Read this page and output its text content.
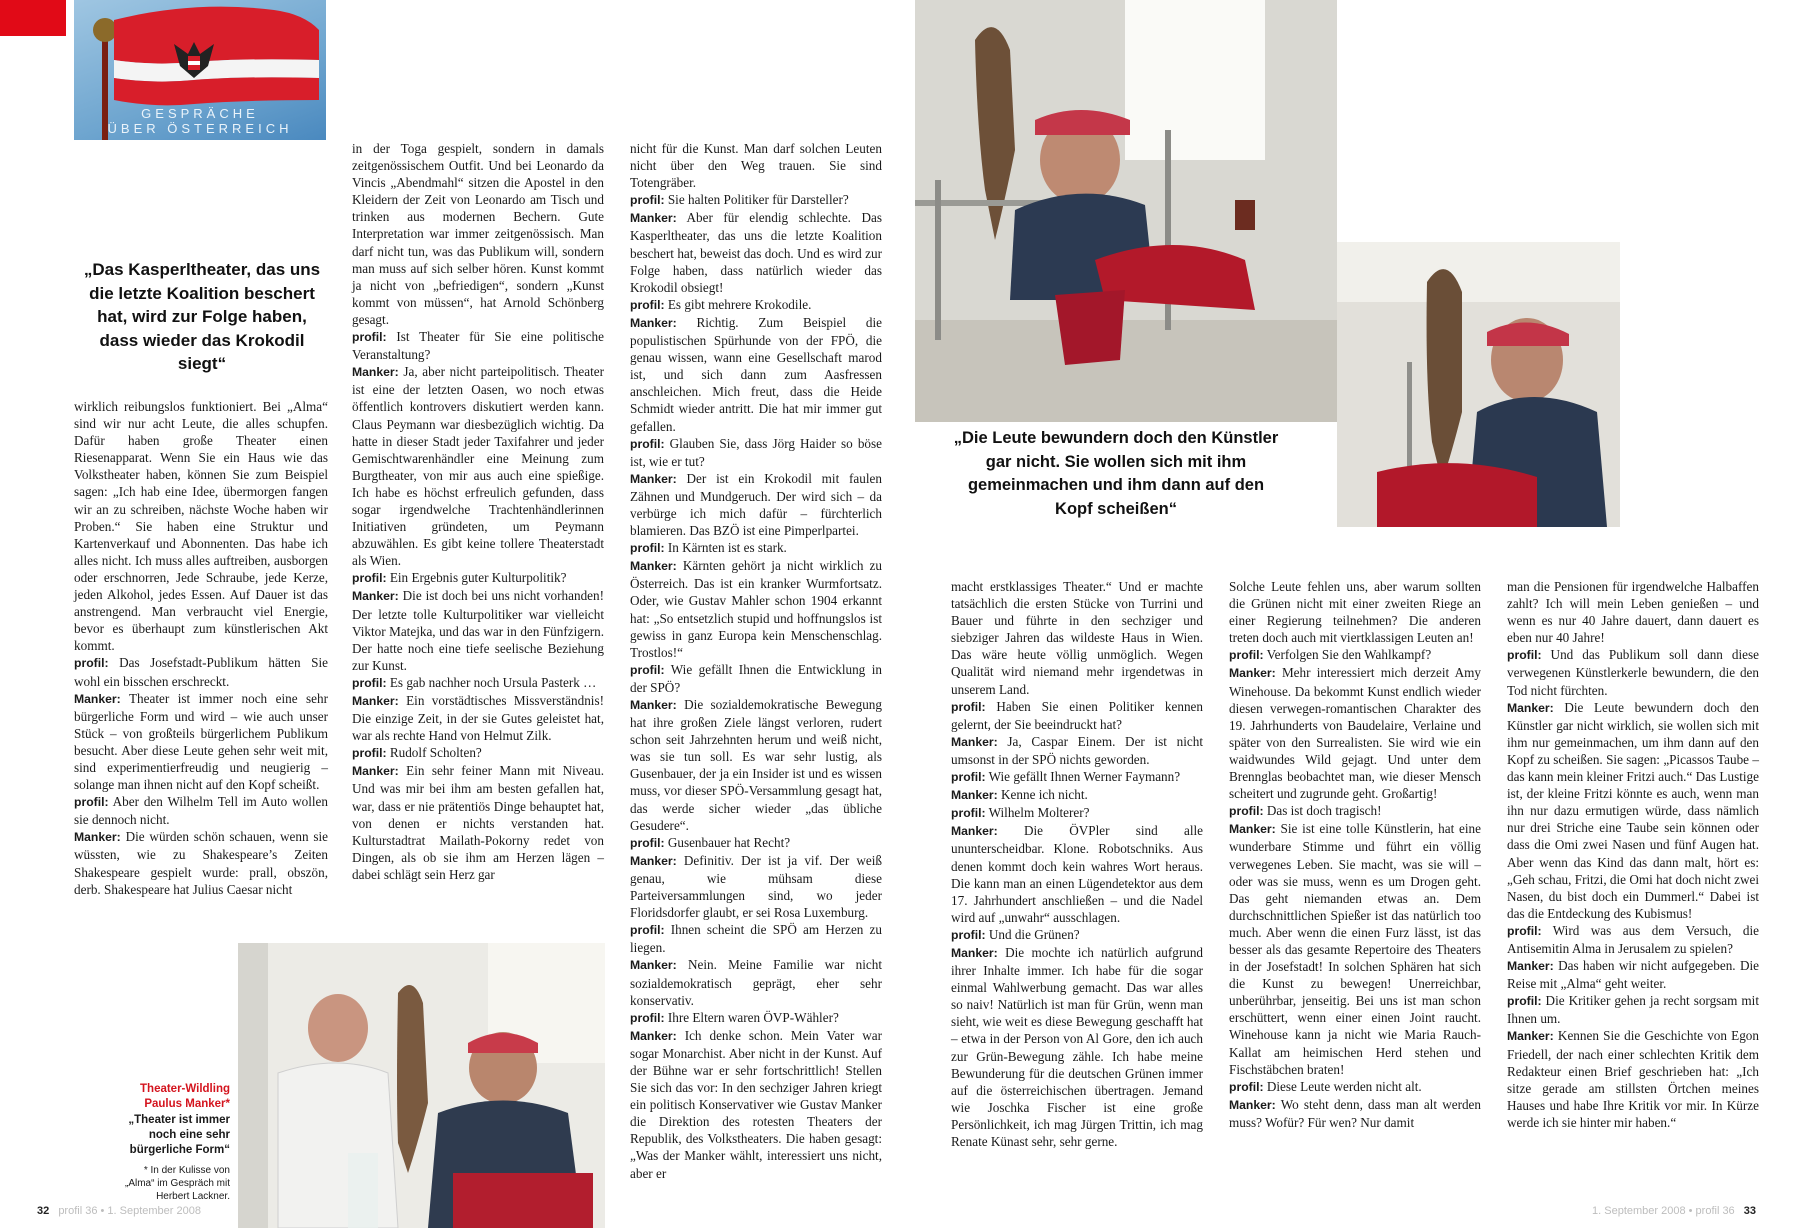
GESPRÄCHE
ÜBER ÖSTERREICH
„Das Kasperltheater, das uns die letzte Koalition beschert hat, wird zur Folge haben, dass wieder das Krokodil siegt“

wirklich reibungslos funktioniert. Bei „Alma“ sind wir nur acht Leute, die alles schupfen. Dafür haben große Theater einen Riesenapparat. Wenn Sie ein Haus wie das Volkstheater haben, können Sie zum Beispiel sagen: „Ich hab eine Idee, übermorgen fangen wir an zu schreiben, nächste Woche haben wir Proben.“ Sie haben eine Struktur und Kartenverkauf und Abonnenten. Das habe ich alles nicht. Ich muss alles auftreiben, ausborgen oder erschnorren, Jede Schraube, jede Kerze, jeden Alkohol, jedes Essen. Auf Dauer ist das anstrengend. Man verbraucht viel Energie, bevor es überhaupt zum künstlerischen Akt kommt.

profil: Das Josefstadt-Publikum hätten Sie wohl ein bisschen erschreckt.

Manker: Theater ist immer noch eine sehr bürgerliche Form und wird – wie auch unser Stück – von großteils bürgerlichem Publikum besucht. Aber diese Leute gehen sehr weit mit, sind experimentierfreudig und neugierig – solange man ihnen nicht auf den Kopf scheißt.

profil: Aber den Wilhelm Tell im Auto wollen sie dennoch nicht.

Manker: Die würden schön schauen, wenn sie wüssten, wie zu Shakespeare’s Zeiten Shakespeare gespielt wurde: prall, obszön, derb. Shakespeare hat Julius Caesar nicht

in der Toga gespielt, sondern in damals zeitgenössischem Outfit. Und bei Leonardo da Vincis „Abendmahl“ sitzen die Apostel in den Kleidern der Zeit von Leonardo am Tisch und trinken aus modernen Bechern. Gute Interpretation war immer zeitgenössisch. Man darf nicht tun, was das Publikum will, sondern man muss auf sich selber hören. Kunst kommt ja nicht von „befriedigen“, sondern „Kunst kommt von müssen“, hat Arnold Schönberg gesagt.

profil: Ist Theater für Sie eine politische Veranstaltung?

Manker: Ja, aber nicht parteipolitisch. Theater ist eine der letzten Oasen, wo noch etwas öffentlich kontrovers diskutiert werden kann. Claus Peymann war diesbezüglich wichtig. Da hatte in dieser Stadt jeder Taxifahrer und jeder Gemischtwarenhändler eine Meinung zum Burgtheater, von mir aus auch eine spießige. Ich habe es höchst erfreulich gefunden, dass sogar irgendwelche Trachtenhändlerinnen Initiativen gründeten, um Peymann abzuwählen. Es gibt keine tollere Theaterstadt als Wien.

profil: Ein Ergebnis guter Kulturpolitik?

Manker: Die ist doch bei uns nicht vorhanden! Der letzte tolle Kulturpolitiker war vielleicht Viktor Matejka, und das war in den Fünfzigern. Der hatte noch eine tiefe seelische Beziehung zur Kunst.

profil: Es gab nachher noch Ursula Pasterk …

Manker: Ein vorstädtisches Missverständnis! Die einzige Zeit, in der sie Gutes geleistet hat, war als rechte Hand von Helmut Zilk.

profil: Rudolf Scholten?

Manker: Ein sehr feiner Mann mit Niveau. Und was mir bei ihm am besten gefallen hat, war, dass er nie prätentiös Dinge behauptet hat, von denen er nichts verstanden hat. Kulturstadtrat Mailath-Pokorny redet von Dingen, als ob sie ihm am Herzen lägen – dabei schlägt sein Herz gar

nicht für die Kunst. Man darf solchen Leuten nicht über den Weg trauen. Sie sind Totengräber.

profil: Sie halten Politiker für Darsteller?

Manker: Aber für elendig schlechte. Das Kasperltheater, das uns die letzte Koalition beschert hat, beweist das doch. Und es wird zur Folge haben, dass natürlich wieder das Krokodil obsiegt!

profil: Es gibt mehrere Krokodile.

Manker: Richtig. Zum Beispiel die populistischen Spürhunde von der FPÖ, die genau wissen, wann eine Gesellschaft marod ist, und sich dann zum Aasfressen anschleichen. Mich freut, dass die Heide Schmidt wieder antritt. Die hat mir immer gut gefallen.

profil: Glauben Sie, dass Jörg Haider so böse ist, wie er tut?

Manker: Der ist ein Krokodil mit faulen Zähnen und Mundgeruch. Der wird sich – da verbürge ich mich dafür – fürchterlich blamieren. Das BZÖ ist eine Pimperlpartei.

profil: In Kärnten ist es stark.

Manker: Kärnten gehört ja nicht wirklich zu Österreich. Das ist ein kranker Wurmfortsatz. Oder, wie Gustav Mahler schon 1904 erkannt hat: „So entsetzlich stupid und hoffnungslos ist gewiss in ganz Europa kein Menschenschlag. Trostlos!“

profil: Wie gefällt Ihnen die Entwicklung in der SPÖ?

Manker: Die sozialdemokratische Bewegung hat ihre großen Ziele längst verloren, rudert schon seit Jahrzehnten herum und weiß nicht, was sie tun soll. Es war sehr lustig, als Gusenbauer, der ja ein Insider ist und es wissen muss, vor dieser SPÖ-Versammlung gesagt hat, das werde sicher wieder „das übliche Gesudere“.

profil: Gusenbauer hat Recht?

Manker: Definitiv. Der ist ja vif. Der weiß genau, wie mühsam diese Parteiversammlungen sind, wo jeder Floridsdorfer glaubt, er sei Rosa Luxemburg.

profil: Ihnen scheint die SPÖ am Herzen zu liegen.

Manker: Nein. Meine Familie war nicht sozialdemokratisch geprägt, eher sehr konservativ.

profil: Ihre Eltern waren ÖVP-Wähler?

Manker: Ich denke schon. Mein Vater war sogar Monarchist. Aber nicht in der Kunst. Auf der Bühne war er sehr fortschrittlich! Stellen Sie sich das vor: In den sechziger Jahren kriegt ein politisch Konservativer wie Gustav Manker die Direktion des rotesten Theaters der Republik, des Volkstheaters. Die haben gesagt: „Was der Manker wählt, interessiert uns nicht, aber er

macht erstklassiges Theater.“ Und er machte tatsächlich die ersten Stücke von Turrini und Bauer und führte in den sechziger und siebziger Jahren das wildeste Haus in Wien. Das wäre heute völlig unmöglich. Wegen Qualität wird niemand mehr irgendetwas in unserem Land.

profil: Haben Sie einen Politiker kennen gelernt, der Sie beeindruckt hat?

Manker: Ja, Caspar Einem. Der ist nicht umsonst in der SPÖ nichts geworden.

profil: Wie gefällt Ihnen Werner Faymann?

Manker: Kenne ich nicht.

profil: Wilhelm Molterer?

Manker: Die ÖVPler sind alle ununterscheidbar. Klone. Robotschniks. Aus denen kommt doch kein wahres Wort heraus. Die kann man an einen Lügendetektor aus dem 17. Jahrhundert anschließen – und die Nadel wird auf „unwahr“ ausschlagen.

profil: Und die Grünen?

Manker: Die mochte ich natürlich aufgrund ihrer Inhalte immer. Ich habe für die sogar einmal Wahlwerbung gemacht. Das war alles so naiv! Natürlich ist man für Grün, wenn man sieht, wie weit es diese Bewegung geschafft hat – etwa in der Person von Al Gore, den ich auch zur Grün-Bewegung zähle. Ich habe meine Bewunderung für die deutschen Grünen immer auf die österreichischen übertragen. Jemand wie Joschka Fischer ist eine große Persönlichkeit, ich mag Jürgen Trittin, ich mag Renate Künast sehr, sehr gerne.

Solche Leute fehlen uns, aber warum sollten die Grünen nicht mit einer zweiten Riege an einer Regierung teilnehmen? Die anderen treten doch auch mit viertklassigen Leuten an!

profil: Verfolgen Sie den Wahlkampf?

Manker: Mehr interessiert mich derzeit Amy Winehouse. Da bekommt Kunst endlich wieder diesen verwegen-romantischen Charakter des 19. Jahrhunderts von Baudelaire, Verlaine und später von den Surrealisten. Sie wird wie ein waidwundes Wild gejagt. Und unter dem Brennglas beobachtet man, wie dieser Mensch scheitert und zugrunde geht. Großartig!

profil: Das ist doch tragisch!

Manker: Sie ist eine tolle Künstlerin, hat eine wunderbare Stimme und führt ein völlig verwegenes Leben. Sie macht, was sie will – oder was sie muss, wenn es um Drogen geht. Das geht niemanden etwas an. Dem durchschnittlichen Spießer ist das natürlich too much. Aber wenn die einen Furz lässt, ist das besser als das gesamte Repertoire des Theaters in der Josefstadt! In solchen Sphären hat sich die Kunst zu bewegen! Unerreichbar, unberührbar, jenseitig. Bei uns ist man schon erschüttert, wenn einer einen Joint raucht. Winehouse kann ja nicht wie Maria Rauch-Kallat am heimischen Herd stehen und Fischstäbchen braten!

profil: Diese Leute werden nicht alt.

Manker: Wo steht denn, dass man alt werden muss? Wofür? Für wen? Nur damit

man die Pensionen für irgendwelche Halbaffen zahlt? Ich will mein Leben genießen – und wenn es nur 40 Jahre dauert, dann dauert es eben nur 40 Jahre!

profil: Und das Publikum soll dann diese verwegenen Künstlerkerle bewundern, die den Tod nicht fürchten.

Manker: Die Leute bewundern doch den Künstler gar nicht wirklich, sie wollen sich mit ihm nur gemeinmachen, um ihm dann auf den Kopf zu scheißen. Sie sagen: „Picassos Taube – das kann mein kleiner Fritzi auch.“ Das Lustige ist, der kleine Fritzi könnte es auch, wenn man ihn nur dazu ermutigen würde, dass nämlich nur drei Striche eine Taube sein können oder dass die Omi zwei Nasen und fünf Augen hat. Aber wenn das Kind das dann malt, hört es: „Geh schau, Fritzi, die Omi hat doch nicht zwei Nasen, du bist doch ein Dummerl.“ Dabei ist das die Entdeckung des Kubismus!

profil: Wird was aus dem Versuch, die Antisemitin Alma in Jerusalem zu spielen?

Manker: Das haben wir nicht aufgegeben. Die Reise mit „Alma“ geht weiter.

profil: Die Kritiker gehen ja recht sorgsam mit Ihnen um.

Manker: Kennen Sie die Geschichte von Egon Friedell, der nach einer schlechten Kritik dem Redakteur einen Brief geschrieben hat: „Ich sitze gerade am stillsten Örtchen meines Hauses und habe Ihre Kritik vor mir. In Kürze werde ich sie hinter mir haben.“

Theater-Wildling
Paulus Manker*
„Theater ist immer noch eine sehr bürgerliche Form“
* In der Kulisse von „Alma“ im Gespräch mit Herbert Lackner.
„Die Leute bewundern doch den Künstler gar nicht. Sie wollen sich mit ihm gemeinmachen und ihm dann auf den Kopf scheißen“
32 profil 36 • 1. September 2008	1. September 2008 • profil 36 33
